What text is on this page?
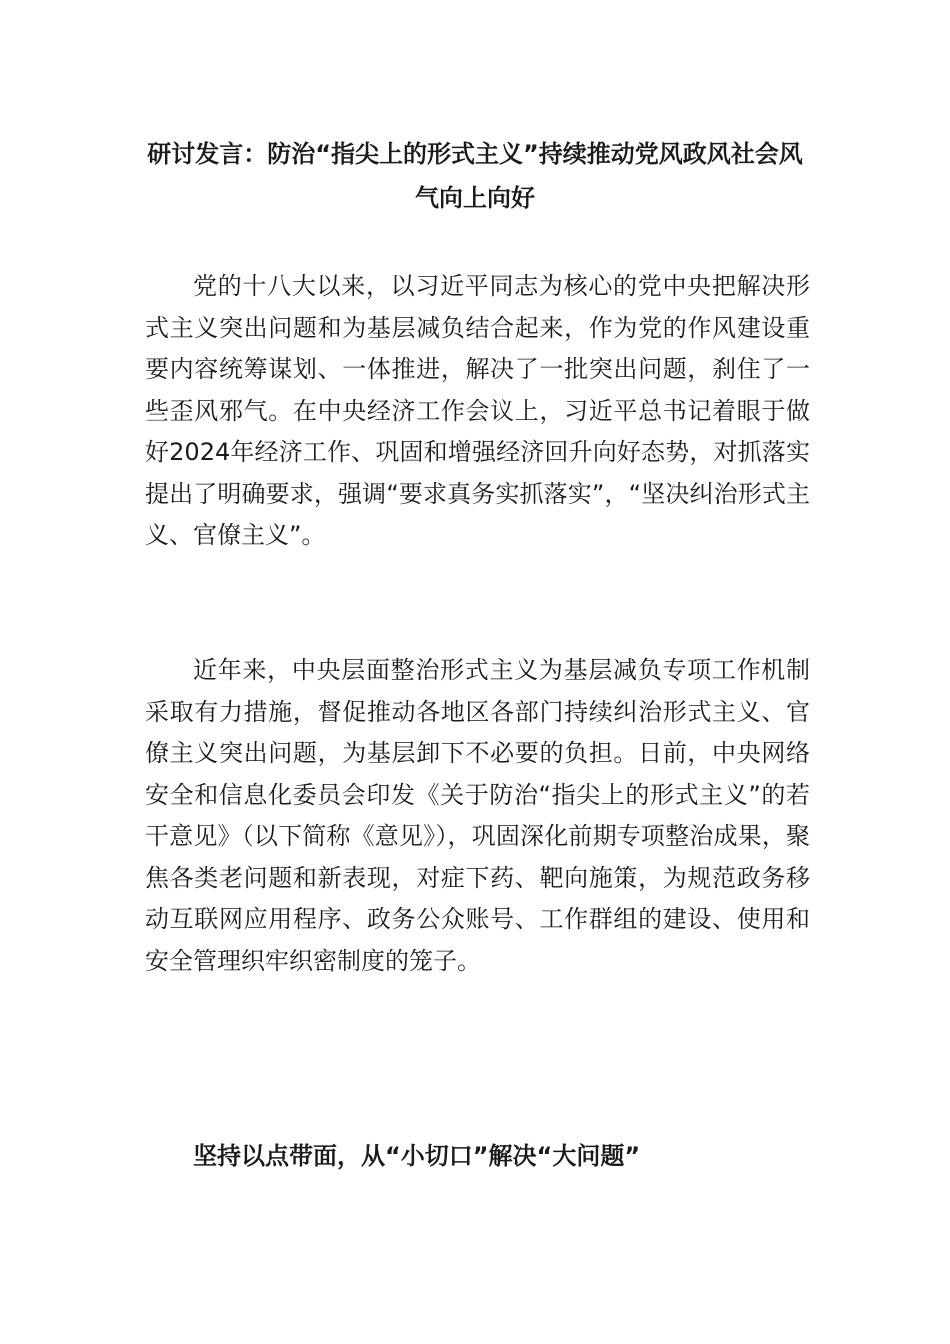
研讨发言：防治“指尖上的形式主义”持续推动党风政风社会风气向上向好

党的十八大以来，以习近平同志为核心的党中央把解决形式主义突出问题和为基层减负结合起来，作为党的作风建设重要内容统筹谋划、一体推进，解决了一批突出问题，刹住了一些歪风邪气。在中央经济工作会议上，习近平总书记着眼于做好2024年经济工作、巩固和增强经济回升向好态势，对抓落实提出了明确要求，强调“要求真务实抓落实”，“坚决纠治形式主义、官僚主义”。

近年来，中央层面整治形式主义为基层减负专项工作机制采取有力措施，督促推动各地区各部门持续纠治形式主义、官僚主义突出问题，为基层卸下不必要的负担。日前，中央网络安全和信息化委员会印发《关于防治“指尖上的形式主义”的若干意见》（以下简称《意见》），巩固深化前期专项整治成果，聚焦各类老问题和新表现，对症下药、靶向施策，为规范政务移动互联网应用程序、政务公众账号、工作群组的建设、使用和安全管理织牢织密制度的笼子。

坚持以点带面，从“小切口”解决“大问题”
